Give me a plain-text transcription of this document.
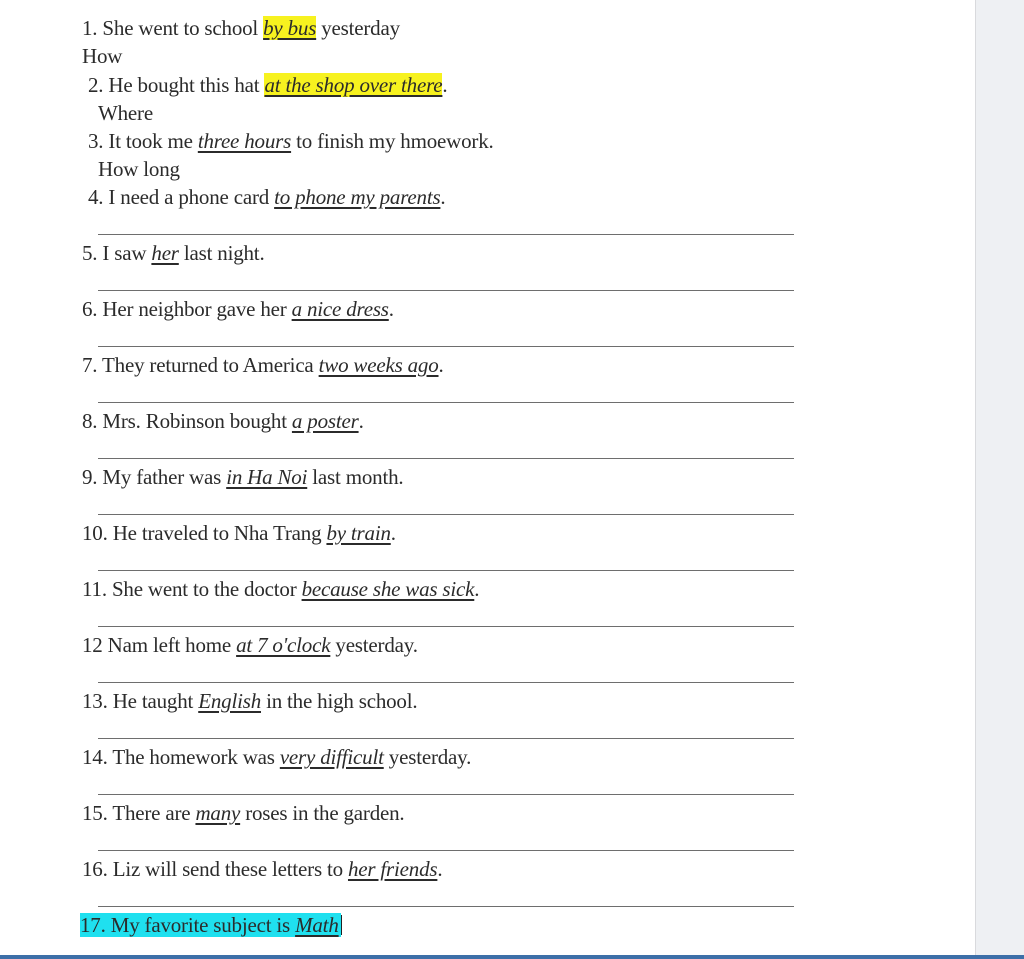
1. She went to school by bus yesterday
How
2. He bought this hat at the shop over there.
Where
3. It took me three hours to finish my hmoework.
How long
4. I need a phone card to phone my parents.
5. I saw her last night.
6. Her neighbor gave her a nice dress.
7. They returned to America two weeks ago.
8. Mrs. Robinson bought a poster.
9. My father was in Ha Noi last month.
10. He traveled to Nha Trang by train.
11. She went to the doctor because she was sick.
12 Nam left home at 7 o'clock yesterday.
13. He taught English in the high school.
14. The homework was very difficult yesterday.
15. There are many roses in the garden.
16. Liz will send these letters to her friends.
17. My favorite subject is Math
